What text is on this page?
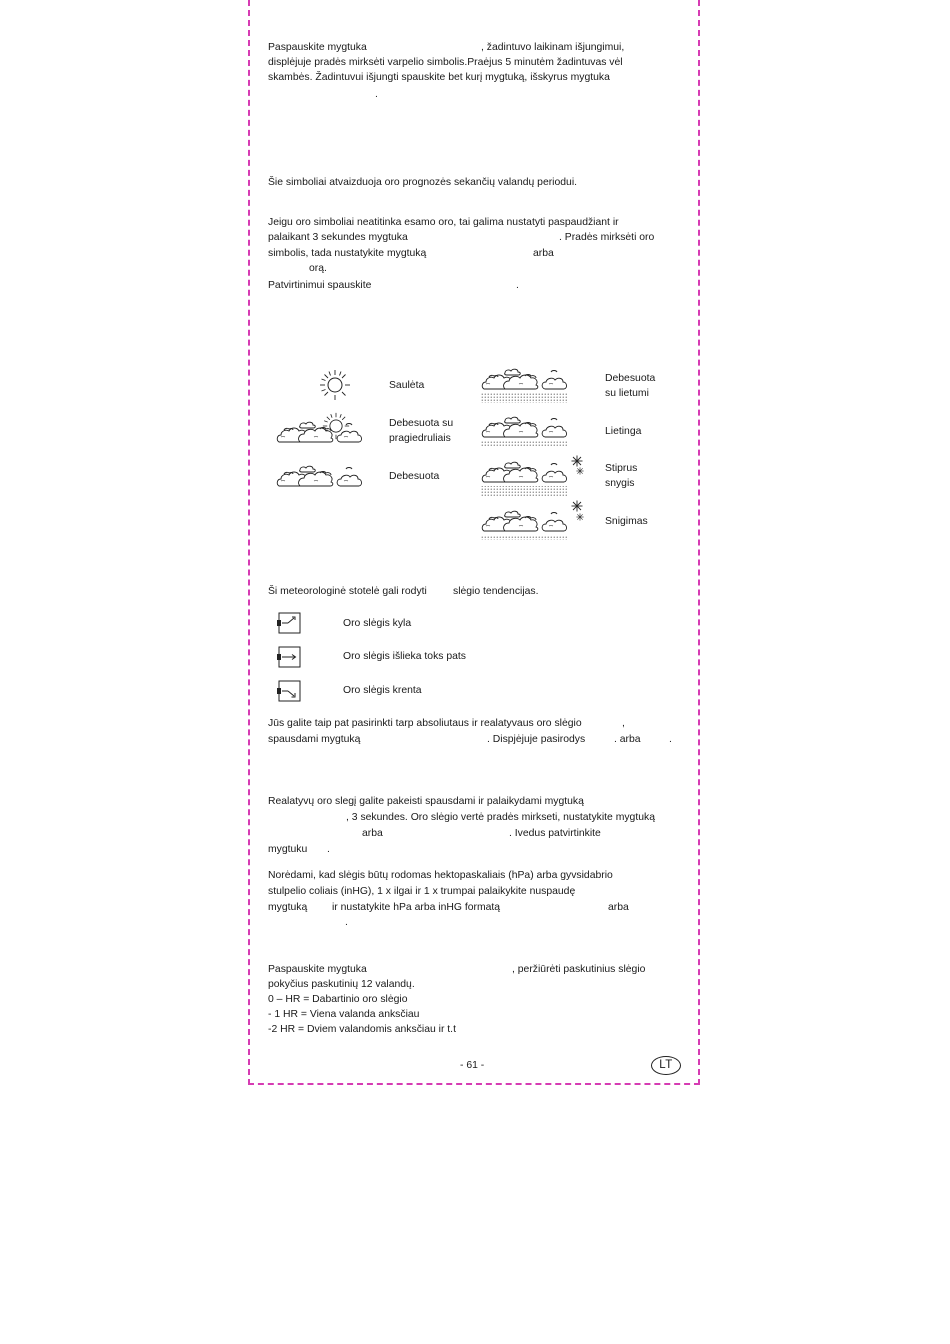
Paspauskite mygtuka	, žadintuvo laikinam išjungimui,
displėjuje pradės mirksėti varpelio simbolis.Praėjus 5 minutėm žadintuvas vėl
skambės. Žadintuvui išjungti spauskite bet kurį mygtuką, išskyrus mygtuka
.
Šie simboliai atvaizduoja oro prognozės sekančių valandų periodui.
Jeigu oro simboliai neatitinka esamo oro, tai galima nustatyti paspaudžiant ir
palaikant 3 sekundes mygtuka	. Pradės mirksėti oro
simbolis, tada nustatykite mygtuką	arba
orą.
Patvirtinimui spauskite	.
Saulėta
Debesuota su
pragiedruliais
Debesuota
Debesuota
su lietumi
Lietinga
Stiprus
snygis
Snigimas
Ši meteorologinė stotelė gali rodyti	slėgio tendencijas.
Oro slėgis kyla
Oro slėgis išlieka toks pats
Oro slėgis krenta
Jūs galite taip pat pasirinkti tarp absoliutaus ir realatyvaus oro slėgio	,
spausdami mygtuką	. Dispjėjuje pasirodys	. arba	.
Realatyvų oro slegį galite pakeisti spausdami ir palaikydami mygtuką
, 3 sekundes. Oro slėgio vertė pradės mirkseti, nustatykite mygtuką
arba	. Ivedus patvirtinkite
mygtuku .
Norėdami, kad slėgis būtų rodomas hektopaskaliais (hPa) arba gyvsidabrio
stulpelio coliais (inHG), 1 x ilgai ir 1 x trumpai palaikykite nuspaudę
mygtuką ir nustatykite hPa arba inHG formatą	arba
.
Paspauskite mygtuka	, peržiūrėti paskutinius slėgio
pokyčius paskutinių 12 valandų.
0 – HR = Dabartinio oro slėgio
- 1 HR = Viena valanda anksčiau
-2 HR = Dviem valandomis anksčiau ir t.t
- 61 -	LT
